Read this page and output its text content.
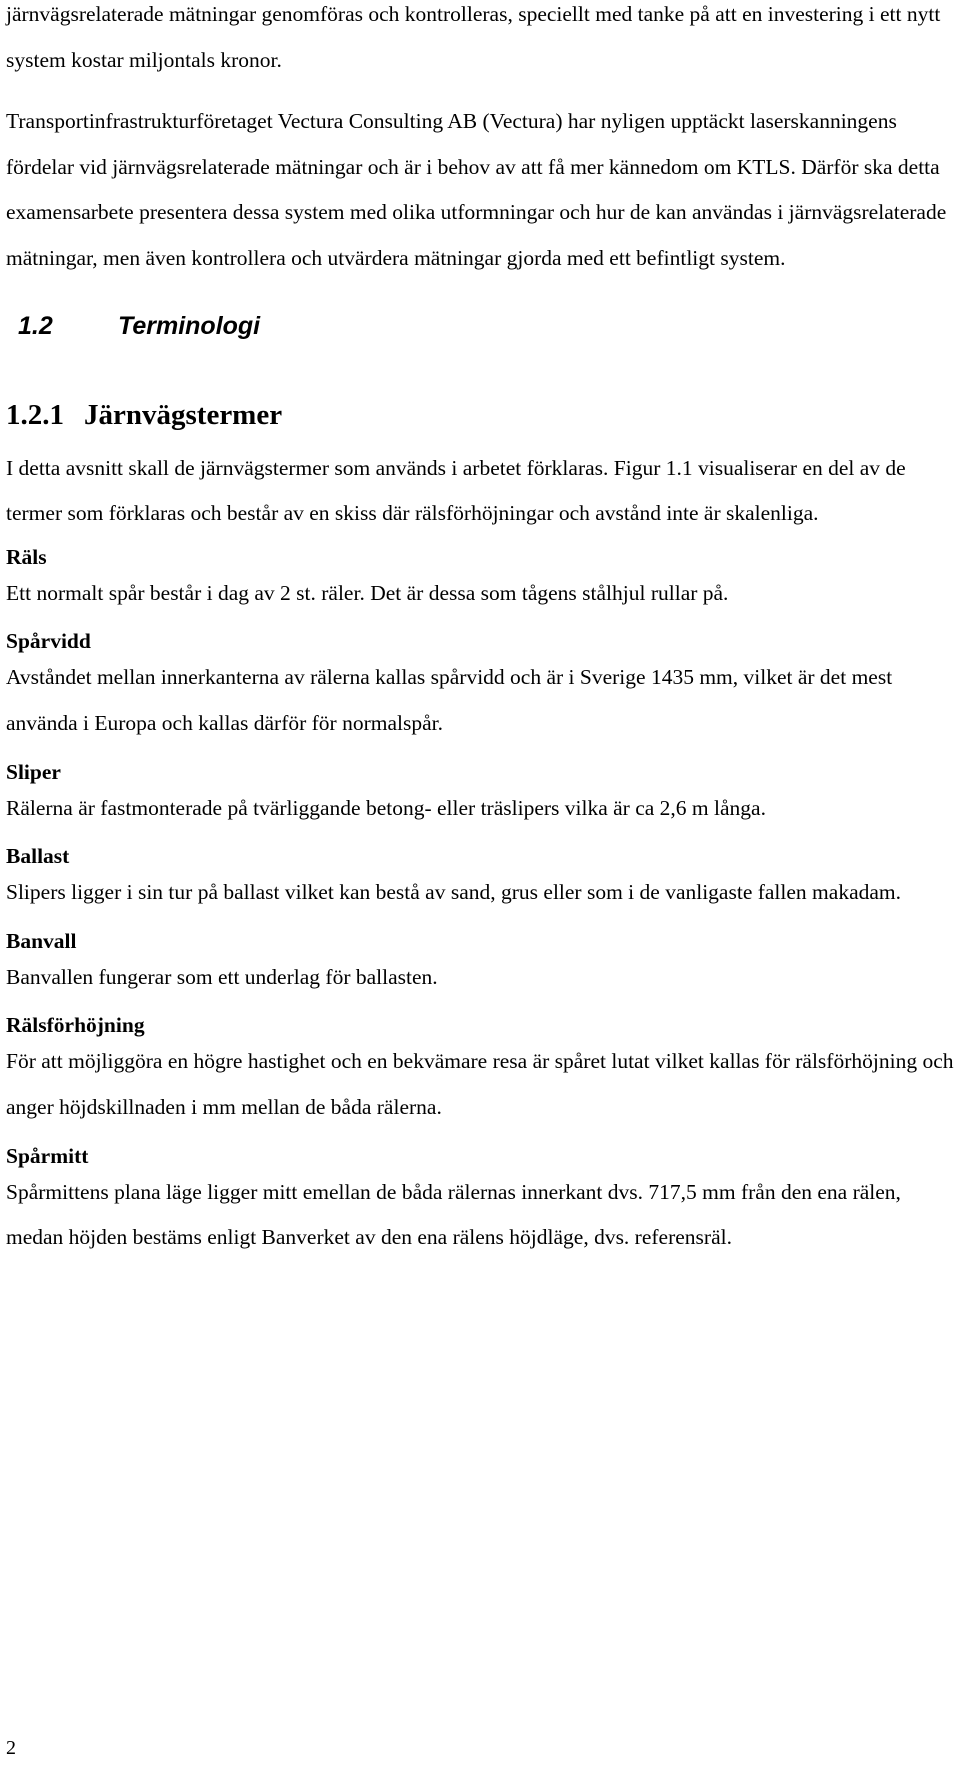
järnvägsrelaterade mätningar genomföras och kontrolleras, speciellt med tanke på att en investering i ett nytt system kostar miljontals kronor.

Transportinfrastrukturföretaget Vectura Consulting AB (Vectura) har nyligen upptäckt laserskanningens fördelar vid järnvägsrelaterade mätningar och är i behov av att få mer kännedom om KTLS. Därför ska detta examensarbete presentera dessa system med olika utformningar och hur de kan användas i järnvägsrelaterade mätningar, men även kontrollera och utvärdera mätningar gjorda med ett befintligt system.

1.2	Terminologi
1.2.1 Järnvägstermer

I detta avsnitt skall de järnvägstermer som används i arbetet förklaras. Figur 1.1 visualiserar en del av de termer som förklaras och består av en skiss där rälsförhöjningar och avstånd inte är skalenliga.

Räls

Ett normalt spår består i dag av 2 st. räler. Det är dessa som tågens stålhjul rullar på.

Spårvidd

Avståndet mellan innerkanterna av rälerna kallas spårvidd och är i Sverige 1435 mm, vilket är det mest använda i Europa och kallas därför för normalspår.

Sliper

Rälerna är fastmonterade på tvärliggande betong- eller träslipers vilka är ca 2,6 m långa.

Ballast

Slipers ligger i sin tur på ballast vilket kan bestå av sand, grus eller som i de vanligaste fallen makadam.

Banvall

Banvallen fungerar som ett underlag för ballasten.

Rälsförhöjning

För att möjliggöra en högre hastighet och en bekvämare resa är spåret lutat vilket kallas för rälsförhöjning och anger höjdskillnaden i mm mellan de båda rälerna.

Spårmitt

Spårmittens plana läge ligger mitt emellan de båda rälernas innerkant dvs. 717,5 mm från den ena rälen, medan höjden bestäms enligt Banverket av den ena rälens höjdläge, dvs. referensräl.

2
